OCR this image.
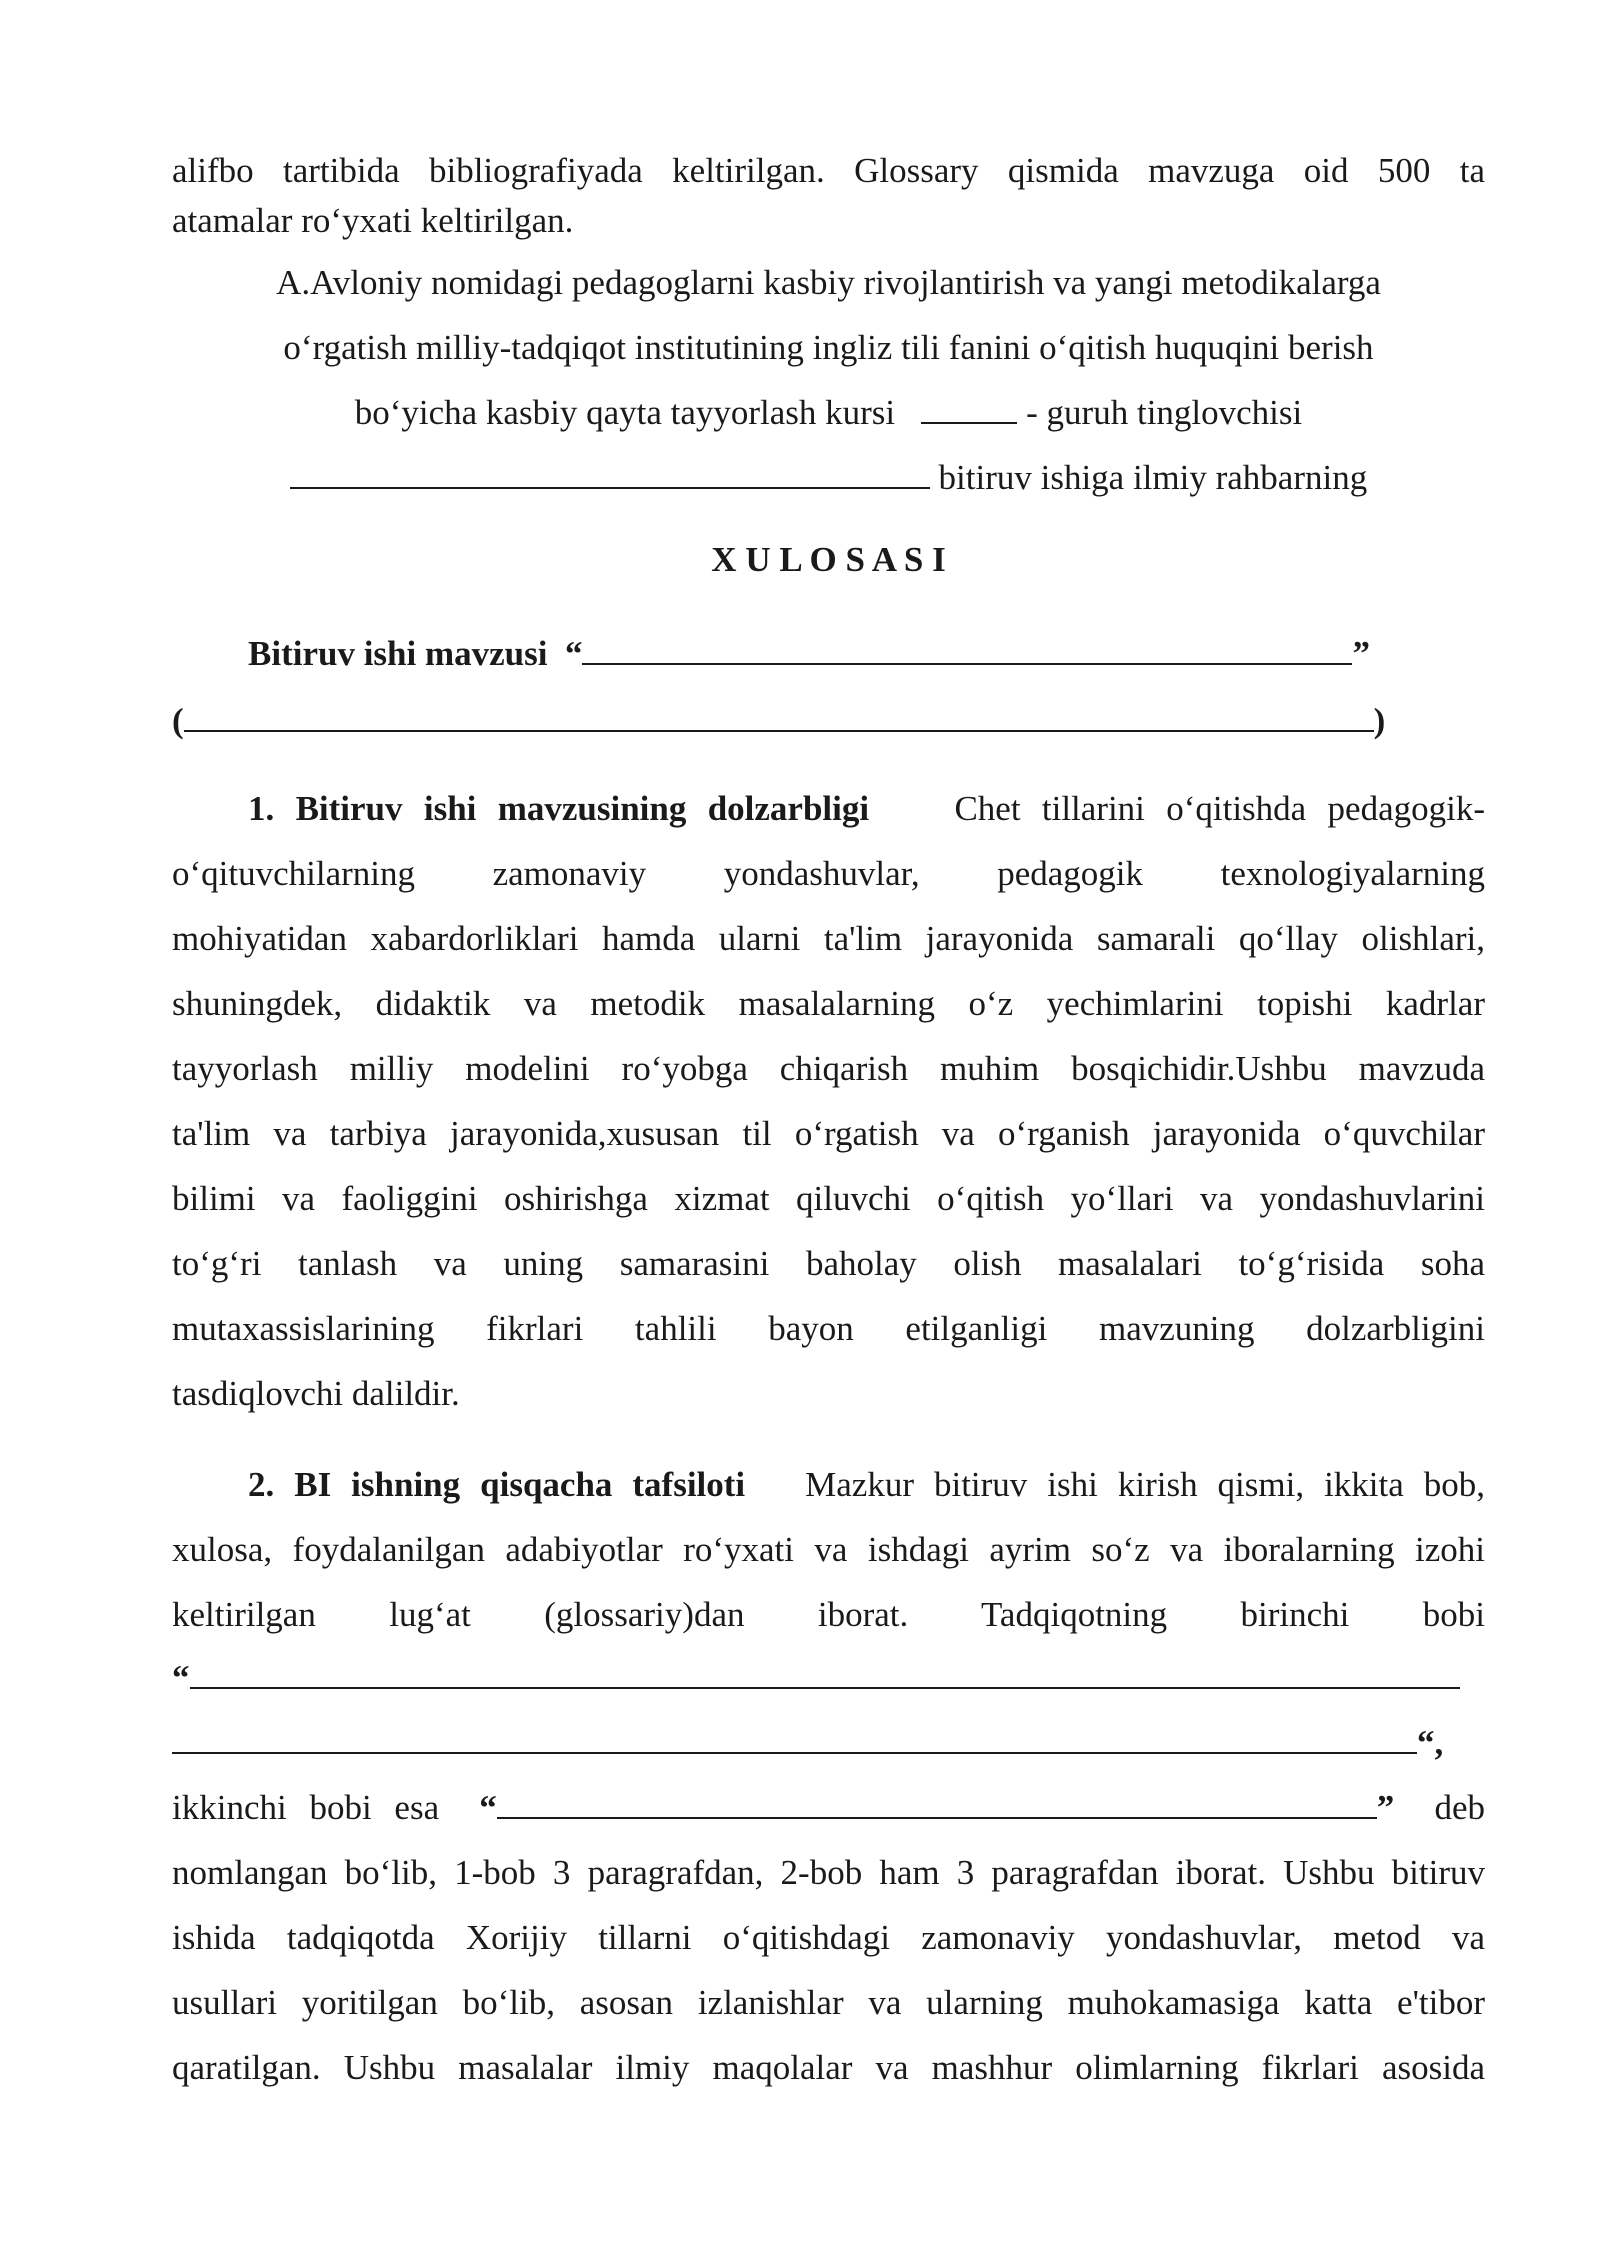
alifbo tartibida bibliografiyada keltirilgan. Glossary qismida mavzuga oid 500 ta
atamalar ro‘yxati keltirilgan.
A.Avloniy nomidagi pedagoglarni kasbiy rivojlantirish va yangi metodikalarga
o‘rgatish milliy-tadqiqot institutining ingliz tili fanini o‘qitish huquqini berish
bo‘yicha kasbiy qayta tayyorlash kursi	- guruh tinglovchisi
bitiruv ishiga ilmiy rahbarning
X U L O S A S I
Bitiruv ishi mavzusi “	”
(	)
1. Bitiruv ishi mavzusining dolzarbligi Chet tillarini o‘qitishda pedagogik-
o‘qituvchilarning zamonaviy yondashuvlar, pedagogik texnologiyalarning
mohiyatidan xabardorliklari hamda ularni ta'lim jarayonida samarali qo‘llay olishlari,
shuningdek, didaktik va metodik masalalarning o‘z yechimlarini topishi kadrlar
tayyorlash milliy modelini ro‘yobga chiqarish muhim bosqichidir.Ushbu mavzuda
ta'lim va tarbiya jarayonida,xususan til o‘rgatish va o‘rganish jarayonida o‘quvchilar
bilimi va faoliggini oshirishga xizmat qiluvchi o‘qitish yo‘llari va yondashuvlarini
to‘g‘ri tanlash va uning samarasini baholay olish masalalari to‘g‘risida soha
mutaxassislarining fikrlari tahlili bayon etilganligi mavzuning dolzarbligini
tasdiqlovchi dalildir.
2. BI ishning qisqacha tafsiloti Mazkur bitiruv ishi kirish qismi, ikkita bob,
xulosa, foydalanilgan adabiyotlar ro‘yxati va ishdagi ayrim so‘z va iboralarning izohi
keltirilgan lug‘at (glossariy)dan iborat. Tadqiqotning birinchi bobi
“
“,
ikkinchi bobi esa “	” deb
nomlangan bo‘lib, 1-bob 3 paragrafdan, 2-bob ham 3 paragrafdan iborat. Ushbu bitiruv
ishida tadqiqotda Xorijiy tillarni o‘qitishdagi zamonaviy yondashuvlar, metod va
usullari yoritilgan bo‘lib, asosan izlanishlar va ularning muhokamasiga katta e'tibor
qaratilgan. Ushbu masalalar ilmiy maqolalar va mashhur olimlarning fikrlari asosida
